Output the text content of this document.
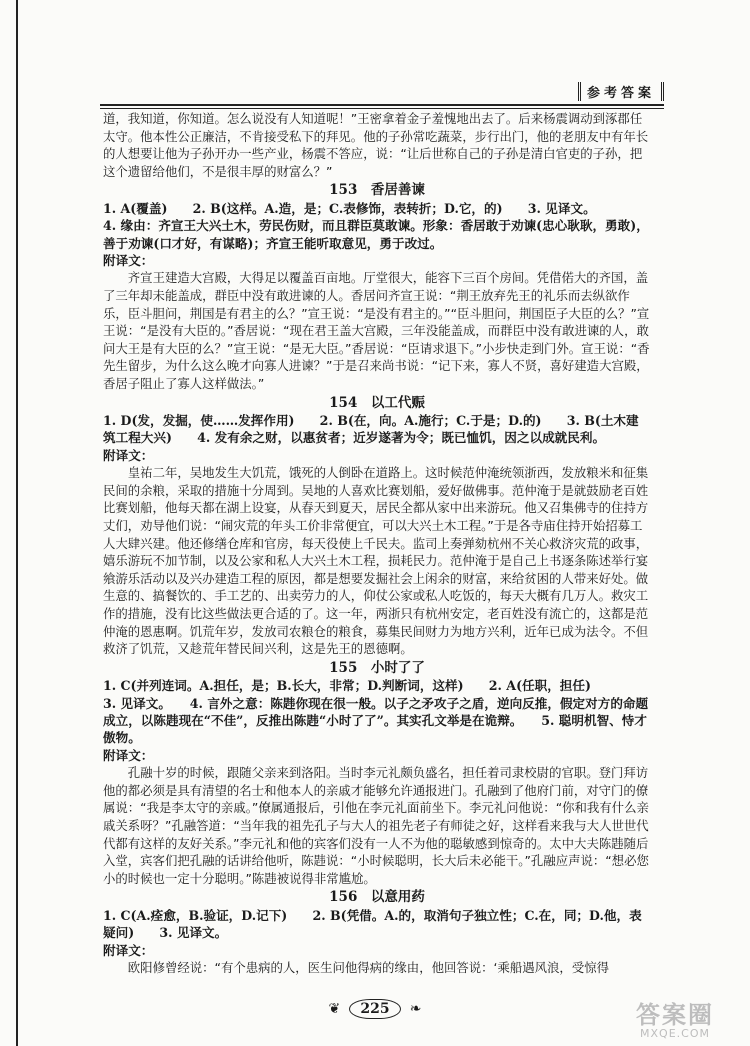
参考答案

道，我知道，你知道。怎么说没有人知道呢！”王密拿着金子羞愧地出去了。后来杨震调动到涿郡任太守。他本性公正廉洁，不肯接受私下的拜见。他的子孙常吃蔬菜，步行出门，他的老朋友中有年长的人想要让他为子孙开办一些产业，杨震不答应，说：“让后世称自己的子孙是清白官吏的子孙，把这个遗留给他们，不是很丰厚的财富么？”

153　香居善谏

1. A(覆盖)　　2. B(这样。A.造，是；C.表修饰，表转折；D.它，的)　　3. 见译文。

4. 缘由：齐宣王大兴土木，劳民伤财，而且群臣莫敢谏。形象：香居敢于劝谏(忠心耿耿，勇敢)，善于劝谏(口才好，有谋略)；齐宣王能听取意见，勇于改过。

附译文：

齐宣王建造大宫殿，大得足以覆盖百亩地。厅堂很大，能容下三百个房间。凭借偌大的齐国，盖了三年却未能盖成，群臣中没有敢进谏的人。香居问齐宣王说：“荆王放弃先王的礼乐而去纵欲作乐，臣斗胆问，荆国是有君主的么？”宣王说：“是没有君主的。”“臣斗胆问，荆国臣子大臣的么？”宣王说：“是没有大臣的。”香居说：“现在君王盖大宫殿，三年没能盖成，而群臣中没有敢进谏的人，敢问大王是有大臣的么？”宣王说：“是无大臣。”香居说：“臣请求退下。”小步快走到门外。宣王说：“香先生留步，为什么这么晚才向寡人进谏？”于是召来尚书说：“记下来，寡人不贤，喜好建造大宫殿，香居子阻止了寡人这样做法。”

154　以工代赈

1. D(发，发掘，使……发挥作用)　　2. B(在，向。A.施行；C.于是；D.的)　　3. B(土木建筑工程大兴)　　4. 发有余之财，以惠贫者；近岁遂著为令；既已恤饥，因之以成就民利。

附译文：

皇祐二年，吴地发生大饥荒，饿死的人倒卧在道路上。这时候范仲淹统领浙西，发放粮米和征集民间的余粮，采取的措施十分周到。吴地的人喜欢比赛划船，爱好做佛事。范仲淹于是就鼓励老百姓比赛划船，他每天都在湖上设宴，从春天到夏天，居民全都从家中出来游玩。他又召集佛寺的住持方丈们，劝导他们说：“闹灾荒的年头工价非常便宜，可以大兴土木工程。”于是各寺庙住持开始招募工人大肆兴建。他还修缮仓库和官房，每天役使上千民夫。监司上奏弹劾杭州不关心救济灾荒的政事，嬉乐游玩不加节制，以及公家和私人大兴土木工程，损耗民力。范仲淹于是自己上书逐条陈述举行宴飨游乐活动以及兴办建造工程的原因，都是想要发掘社会上闲余的财富，来给贫困的人带来好处。做生意的、搞餐饮的、手工艺的、出卖劳力的人，仰仗公家或私人吃饭的，每天大概有几万人。救灾工作的措施，没有比这些做法更合适的了。这一年，两浙只有杭州安定，老百姓没有流亡的，这都是范仲淹的恩惠啊。饥荒年岁，发放司农粮仓的粮食，募集民间财力为地方兴利，近年已成为法令。不但救济了饥荒，又趁荒年替民间兴利，这是先王的恩德啊。

155　小时了了

1. C(并列连词。A.担任，是；B.长大，非常；D.判断词，这样)　　2. A(任职，担任)

3. 见译文。　　4. 言外之意：陈韪你现在很一般。以子之矛攻子之盾，逆向反推，假定对方的命题成立，以陈韪现在“不佳”，反推出陈韪“小时了了”。其实孔文举是在诡辩。　　5. 聪明机智、恃才傲物。

附译文：

孔融十岁的时候，跟随父亲来到洛阳。当时李元礼颇负盛名，担任着司隶校尉的官职。登门拜访他的都必须是具有清望的名士和他本人的亲戚才能够允许通报进门。孔融到了他府门前，对守门的僚属说：“我是李太守的亲戚。”僚属通报后，引他在李元礼面前坐下。李元礼问他说：“你和我有什么亲戚关系呀？”孔融答道：“当年我的祖先孔子与大人的祖先老子有师徒之好，这样看来我与大人世世代代都有这样的友好关系。”李元礼和他的宾客们没有一人不为他的聪敏感到惊奇的。太中大夫陈韪随后入堂，宾客们把孔融的话讲给他听，陈韪说：“小时候聪明，长大后未必能干。”孔融应声说：“想必您小的时候也一定十分聪明。”陈韪被说得非常尴尬。

156　以意用药

1. C(A.痊愈，B.验证，D.记下)　　2. B(凭借。A.的，取消句子独立性；C.在，同；D.他，表疑问)　　3. 见译文。

附译文：

欧阳修曾经说：“有个患病的人，医生问他得病的缘由，他回答说：‘乘船遇风浪，受惊得

❦ 225 ❧	答案圈
MXQE.COM
